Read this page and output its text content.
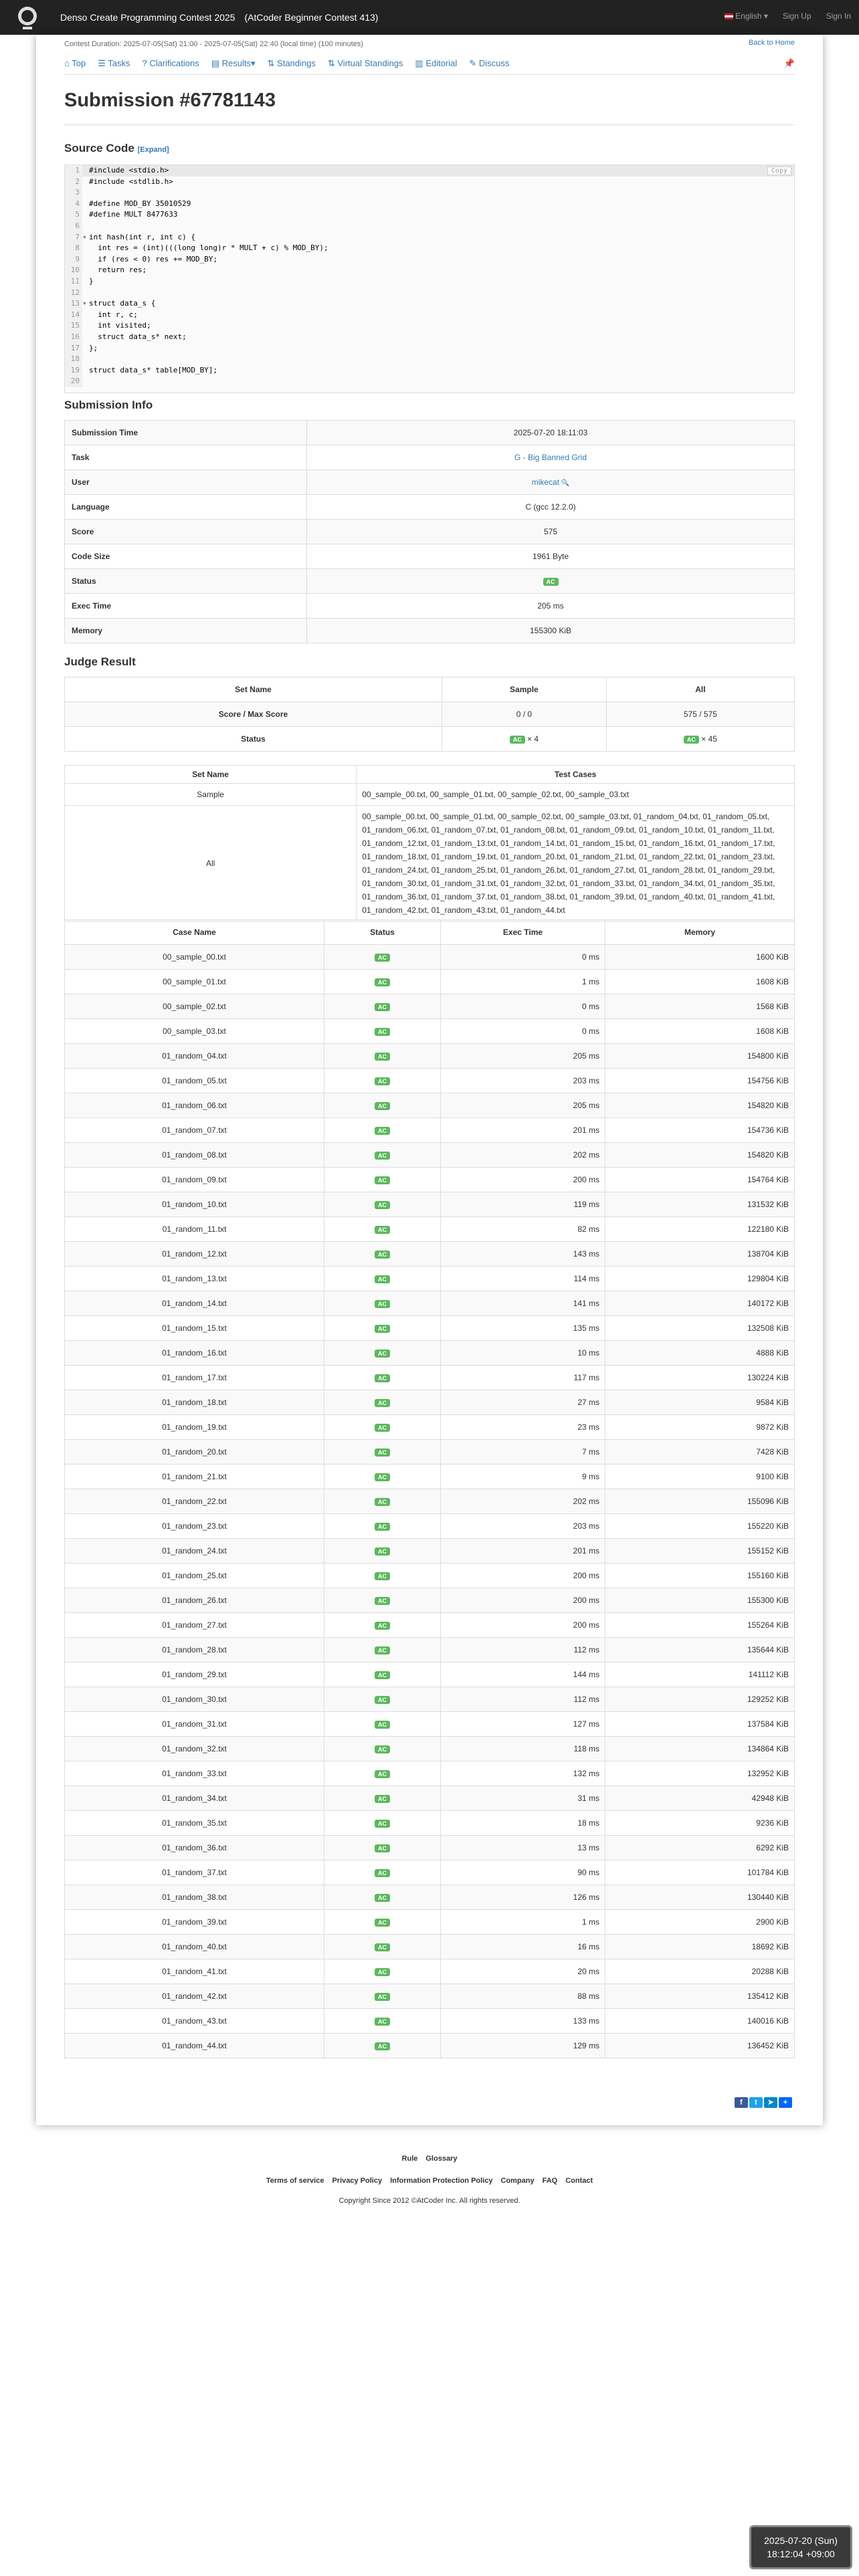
Denso Create Programming Contest 2025　(AtCoder Beginner Contest 413)	English ▾ Sign Up Sign In
Contest Duration: 2025-07-05(Sat) 21:00 - 2025-07-05(Sat) 22:40 (local time) (100 minutes)	Back to Home
⌂ Top ☰ Tasks ? Clarifications ▤ Results▾ ⇅ Standings ⇅ Virtual Standings ▥ Editorial ✎ Discuss	📌
Submission #67781143
Source Code [Expand]
Copy
1	#include <stdio.h>
2	#include <stdlib.h>
3
4	#define MOD_BY 35010529
5	#define MULT 8477633
6
7 ▾ int hash(int r, int c) {
8	int res = (int)(((long long)r * MULT + c) % MOD_BY);
9	if (res < 0) res += MOD_BY;
10	return res;
11	}
12
13 ▾ struct data_s {
14	int r, c;
15	int visited;
16	struct data_s* next;
17	};
18
19	struct data_s* table[MOD_BY];
20
Submission Info
Submission Time	2025-07-20 18:11:03
Task	G - Big Banned Grid
User	mikecat 🔍
Language	C (gcc 12.2.0)
Score	575
Code Size	1961 Byte
Status	AC
Exec Time	205 ms
Memory	155300 KiB
Judge Result
Set Name	Sample	All
Score / Max Score	0 / 0	575 / 575
Status	AC × 4	AC × 45
Set Name	Test Cases
Sample	00_sample_00.txt, 00_sample_01.txt, 00_sample_02.txt, 00_sample_03.txt
All	00_sample_00.txt, 00_sample_01.txt, 00_sample_02.txt, 00_sample_03.txt, 01_random_04.txt, 01_random_05.txt, 01_random_06.txt, 01_random_07.txt, 01_random_08.txt, 01_random_09.txt, 01_random_10.txt, 01_random_11.txt, 01_random_12.txt, 01_random_13.txt, 01_random_14.txt, 01_random_15.txt, 01_random_16.txt, 01_random_17.txt, 01_random_18.txt, 01_random_19.txt, 01_random_20.txt, 01_random_21.txt, 01_random_22.txt, 01_random_23.txt, 01_random_24.txt, 01_random_25.txt, 01_random_26.txt, 01_random_27.txt, 01_random_28.txt, 01_random_29.txt, 01_random_30.txt, 01_random_31.txt, 01_random_32.txt, 01_random_33.txt, 01_random_34.txt, 01_random_35.txt, 01_random_36.txt, 01_random_37.txt, 01_random_38.txt, 01_random_39.txt, 01_random_40.txt, 01_random_41.txt, 01_random_42.txt, 01_random_43.txt, 01_random_44.txt
Case Name	Status	Exec Time	Memory
00_sample_00.txt	AC	0 ms	1600 KiB
00_sample_01.txt	AC	1 ms	1608 KiB
00_sample_02.txt	AC	0 ms	1568 KiB
00_sample_03.txt	AC	0 ms	1608 KiB
01_random_04.txt	AC	205 ms	154800 KiB
01_random_05.txt	AC	203 ms	154756 KiB
01_random_06.txt	AC	205 ms	154820 KiB
01_random_07.txt	AC	201 ms	154736 KiB
01_random_08.txt	AC	202 ms	154820 KiB
01_random_09.txt	AC	200 ms	154764 KiB
01_random_10.txt	AC	119 ms	131532 KiB
01_random_11.txt	AC	82 ms	122180 KiB
01_random_12.txt	AC	143 ms	138704 KiB
01_random_13.txt	AC	114 ms	129804 KiB
01_random_14.txt	AC	141 ms	140172 KiB
01_random_15.txt	AC	135 ms	132508 KiB
01_random_16.txt	AC	10 ms	4888 KiB
01_random_17.txt	AC	117 ms	130224 KiB
01_random_18.txt	AC	27 ms	9584 KiB
01_random_19.txt	AC	23 ms	9872 KiB
01_random_20.txt	AC	7 ms	7428 KiB
01_random_21.txt	AC	9 ms	9100 KiB
01_random_22.txt	AC	202 ms	155096 KiB
01_random_23.txt	AC	203 ms	155220 KiB
01_random_24.txt	AC	201 ms	155152 KiB
01_random_25.txt	AC	200 ms	155160 KiB
01_random_26.txt	AC	200 ms	155300 KiB
01_random_27.txt	AC	200 ms	155264 KiB
01_random_28.txt	AC	112 ms	135644 KiB
01_random_29.txt	AC	144 ms	141112 KiB
01_random_30.txt	AC	112 ms	129252 KiB
01_random_31.txt	AC	127 ms	137584 KiB
01_random_32.txt	AC	118 ms	134864 KiB
01_random_33.txt	AC	132 ms	132952 KiB
01_random_34.txt	AC	31 ms	42948 KiB
01_random_35.txt	AC	18 ms	9236 KiB
01_random_36.txt	AC	13 ms	6292 KiB
01_random_37.txt	AC	90 ms	101784 KiB
01_random_38.txt	AC	126 ms	130440 KiB
01_random_39.txt	AC	1 ms	2900 KiB
01_random_40.txt	AC	16 ms	18692 KiB
01_random_41.txt	AC	20 ms	20288 KiB
01_random_42.txt	AC	88 ms	135412 KiB
01_random_43.txt	AC	133 ms	140016 KiB
01_random_44.txt	AC	129 ms	136452 KiB
f	t	➤	+
Rule Glossary
Terms of service Privacy Policy Information Protection Policy Company FAQ Contact
Copyright Since 2012 ©AtCoder Inc. All rights reserved.
2025-07-20 (Sun)
18:12:04 +09:00
